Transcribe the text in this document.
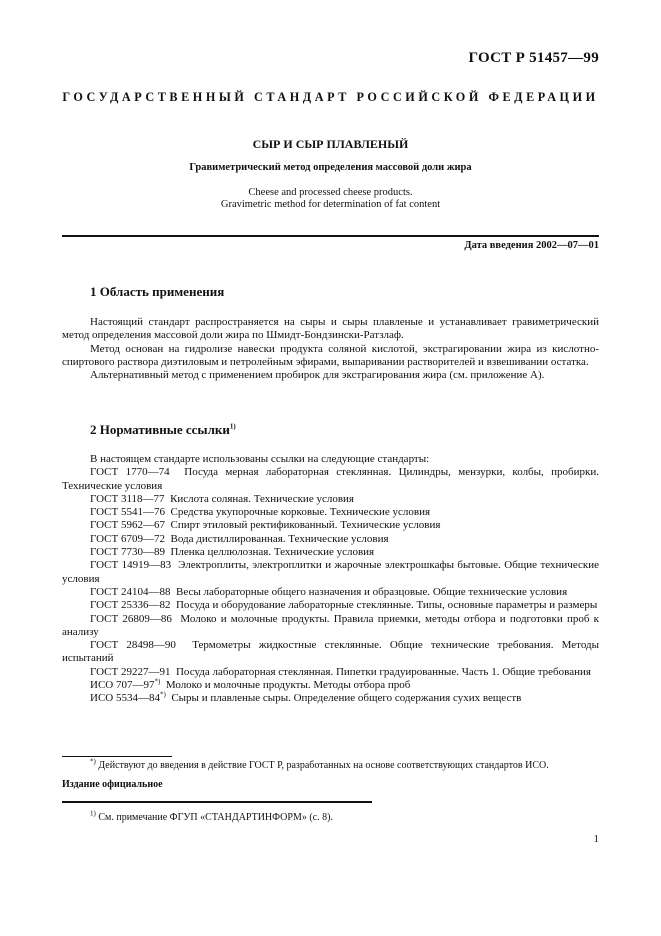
ГОСТ Р 51457—99
ГОСУДАРСТВЕННЫЙ СТАНДАРТ РОССИЙСКОЙ ФЕДЕРАЦИИ
СЫР И СЫР ПЛАВЛЕНЫЙ
Гравиметрический метод определения массовой доли жира
Cheese and processed cheese products.
Gravimetric method for determination of fat content
Дата введения 2002—07—01
1 Область применения

Настоящий стандарт распространяется на сыры и сыры плавленые и устанавливает гравиметрический метод определения массовой доли жира по Шмидт-Бондзински-Ратзлаф.

Метод основан на гидролизе навески продукта соляной кислотой, экстрагировании жира из кислотно-спиртового раствора диэтиловым и петролейным эфирами, выпаривании растворителей и взвешивании остатка.

Альтернативный метод с применением пробирок для экстрагирования жира (см. приложение А).

2 Нормативные ссылки$^{1)}$

В настоящем стандарте использованы ссылки на следующие стандарты:

ГОСТ 1770—74 Посуда мерная лабораторная стеклянная. Цилиндры, мензурки, колбы, пробирки. Технические условия

ГОСТ 3118—77 Кислота соляная. Технические условия

ГОСТ 5541—76 Средства укупорочные корковые. Технические условия

ГОСТ 5962—67 Спирт этиловый ректификованный. Технические условия

ГОСТ 6709—72 Вода дистиллированная. Технические условия

ГОСТ 7730—89 Пленка целлюлозная. Технические условия

ГОСТ 14919—83 Электроплиты, электроплитки и жарочные электрошкафы бытовые. Общие технические условия

ГОСТ 24104—88 Весы лабораторные общего назначения и образцовые. Общие технические условия

ГОСТ 25336—82 Посуда и оборудование лабораторные стеклянные. Типы, основные параметры и размеры

ГОСТ 26809—86 Молоко и молочные продукты. Правила приемки, методы отбора и подготовки проб к анализу

ГОСТ 28498—90 Термометры жидкостные стеклянные. Общие технические требования. Методы испытаний

ГОСТ 29227—91 Посуда лабораторная стеклянная. Пипетки градуированные. Часть 1. Общие требования

ИСО 707—97*) Молоко и молочные продукты. Методы отбора проб

ИСО 5534—84*) Сыры и плавленые сыры. Определение общего содержания сухих веществ

*) Действуют до введения в действие ГОСТ Р, разработанных на основе соответствующих стандартов ИСО.
Издание официальное
$^{1)}$ См. примечание ФГУП «СТАНДАРТИНФОРМ» (с. 8).
1
